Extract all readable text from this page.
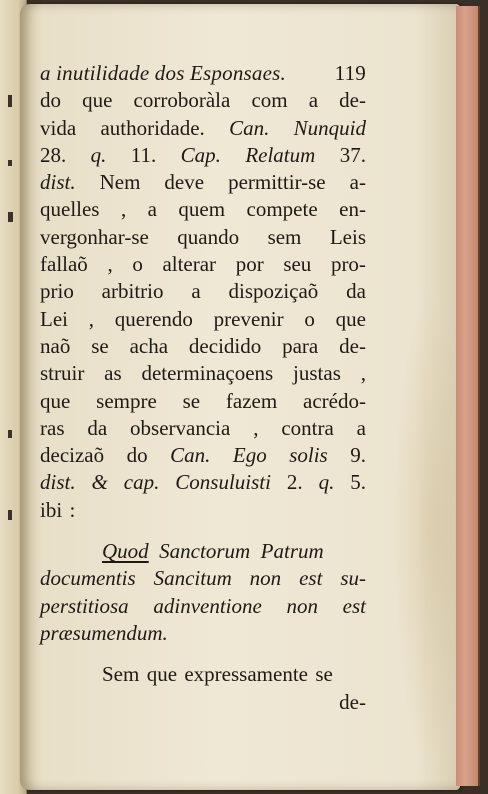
a inutilidade dos Esponsaes. 119
do que corroboràla com a de-
vida authoridade. Can. Nunquid
28. q. 11. Cap. Relatum 37.
dist. Nem deve permittir-se a-
quelles , a quem compete en-
vergonhar-se quando sem Leis
fallaõ , o alterar por seu pro-
prio arbitrio a dispoziçaõ da
Lei , querendo prevenir o que
naõ se acha decidido para de-
struir as determinaçoens justas ,
que sempre se fazem acrédo-
ras da observancia , contra a
decizaõ do Can. Ego solis 9.
dist. & cap. Consuluisti 2. q. 5.
ibi :
Quod Sanctorum Patrum
documentis Sancitum non est su-
perstitiosa adinventione non est
præsumendum.
Sem que expressamente se
de-
